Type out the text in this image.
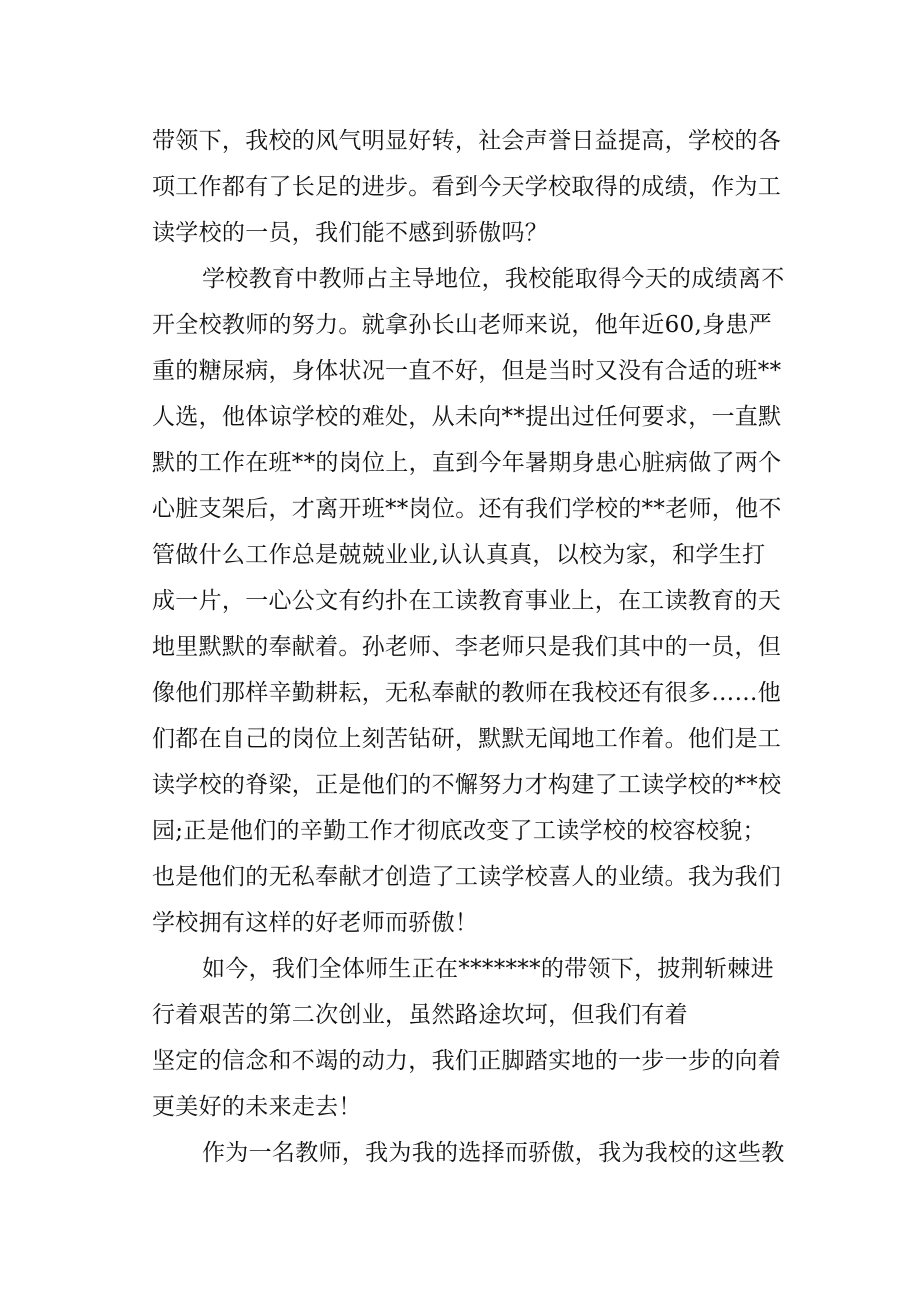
带领下，我校的风气明显好转，社会声誉日益提高，学校的各
项工作都有了长足的进步。看到今天学校取得的成绩，作为工
读学校的一员，我们能不感到骄傲吗？
学校教育中教师占主导地位，我校能取得今天的成绩离不
开全校教师的努力。就拿孙长山老师来说，他年近60,身患严
重的糖尿病，身体状况一直不好，但是当时又没有合适的班**
人选，他体谅学校的难处，从未向**提出过任何要求，一直默
默的工作在班**的岗位上，直到今年暑期身患心脏病做了两个
心脏支架后，才离开班**岗位。还有我们学校的**老师，他不
管做什么工作总是兢兢业业,认认真真，以校为家，和学生打
成一片，一心公文有约扑在工读教育事业上，在工读教育的天
地里默默的奉献着。孙老师、李老师只是我们其中的一员，但
像他们那样辛勤耕耘，无私奉献的教师在我校还有很多……他
们都在自己的岗位上刻苦钻研，默默无闻地工作着。他们是工
读学校的脊梁，正是他们的不懈努力才构建了工读学校的**校
园;正是他们的辛勤工作才彻底改变了工读学校的校容校貌；
也是他们的无私奉献才创造了工读学校喜人的业绩。我为我们
学校拥有这样的好老师而骄傲！
如今，我们全体师生正在*******的带领下，披荆斩棘进
行着艰苦的第二次创业，虽然路途坎坷，但我们有着
坚定的信念和不竭的动力，我们正脚踏实地的一步一步的向着
更美好的未来走去！
作为一名教师，我为我的选择而骄傲，我为我校的这些教
